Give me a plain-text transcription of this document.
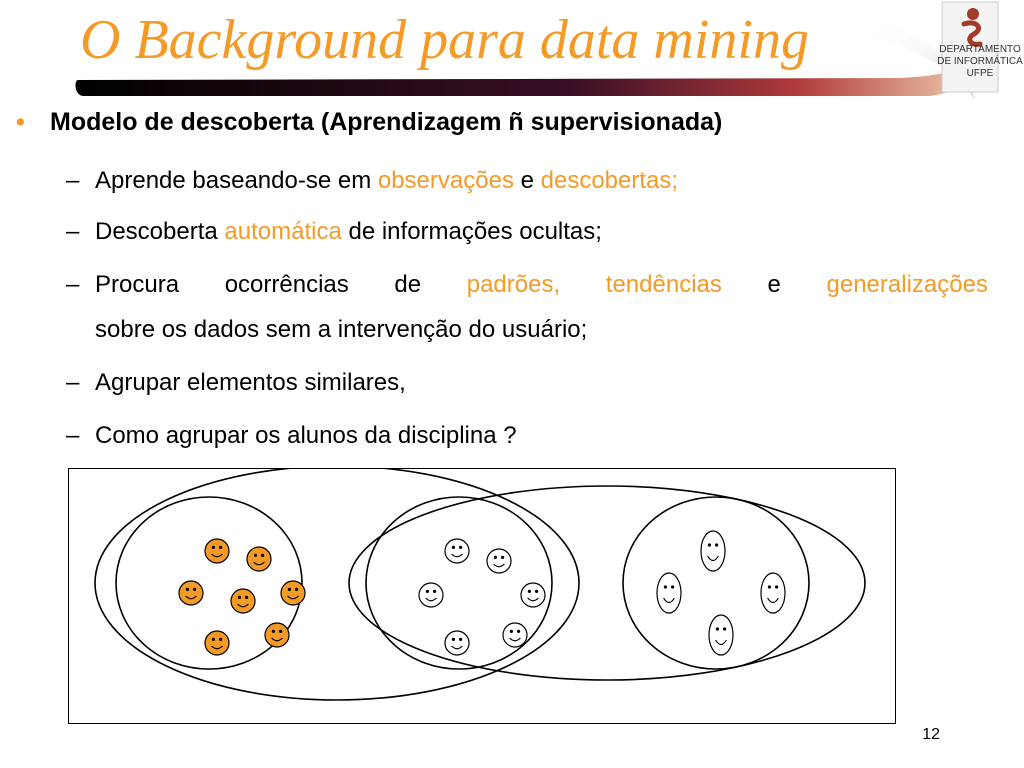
O Background para data mining	DEPARTAMENTO
DE INFORMÁTICA
UFPE
• Modelo de descoberta (Aprendizagem ñ supervisionada)
– Aprende baseando-se em observações e descobertas;
– Descoberta automática de informações ocultas;
– Procura ocorrências de padrões, tendências e generalizações
sobre os dados sem a intervenção do usuário;
– Agrupar elementos similares,
– Como agrupar os alunos da disciplina ?
12
